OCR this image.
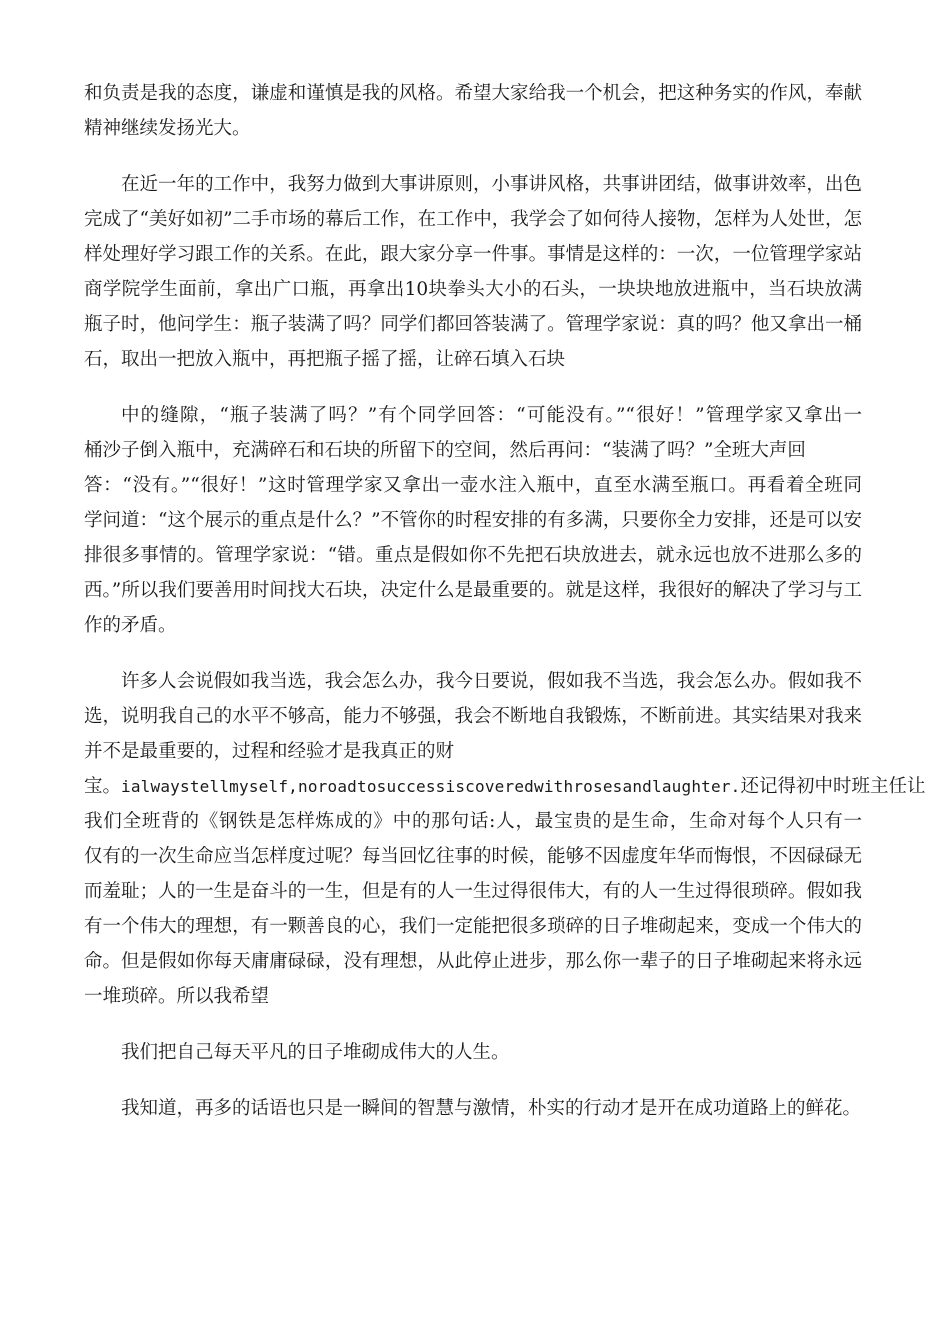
和负责是我的态度，谦虚和谨慎是我的风格。希望大家给我一个机会，把这种务实的作风，奉献
精神继续发扬光大。
在近一年的工作中，我努力做到大事讲原则，小事讲风格，共事讲团结，做事讲效率，出色
完成了“美好如初”二手市场的幕后工作，在工作中，我学会了如何待人接物，怎样为人处世，怎
样处理好学习跟工作的关系。在此，跟大家分享一件事。事情是这样的：一次，一位管理学家站
商学院学生面前，拿出广口瓶，再拿出10块拳头大小的石头，一块块地放进瓶中，当石块放满
瓶子时，他问学生：瓶子装满了吗？同学们都回答装满了。管理学家说：真的吗？他又拿出一桶
石，取出一把放入瓶中，再把瓶子摇了摇，让碎石填入石块
中的缝隙，“瓶子装满了吗？”有个同学回答：“可能没有。”“很好！”管理学家又拿出一
桶沙子倒入瓶中，充满碎石和石块的所留下的空间，然后再问：“装满了吗？”全班大声回
答：“没有。”“很好！”这时管理学家又拿出一壶水注入瓶中，直至水满至瓶口。再看着全班同
学问道：“这个展示的重点是什么？”不管你的时程安排的有多满，只要你全力安排，还是可以安
排很多事情的。管理学家说：“错。重点是假如你不先把石块放进去，就永远也放不进那么多的
西。”所以我们要善用时间找大石块，决定什么是最重要的。就是这样，我很好的解决了学习与工
作的矛盾。
许多人会说假如我当选，我会怎么办，我今日要说，假如我不当选，我会怎么办。假如我不
选，说明我自己的水平不够高，能力不够强，我会不断地自我锻炼，不断前进。其实结果对我来
并不是最重要的，过程和经验才是我真正的财
宝。ialwaystellmyself,noroadtosuccessiscoveredwithrosesandlaughter.还记得初中时班主任让
我们全班背的《钢铁是怎样炼成的》中的那句话:人，最宝贵的是生命，生命对每个人只有一
仅有的一次生命应当怎样度过呢？每当回忆往事的时候，能够不因虚度年华而悔恨，不因碌碌无
而羞耻；人的一生是奋斗的一生，但是有的人一生过得很伟大，有的人一生过得很琐碎。假如我
有一个伟大的理想，有一颗善良的心，我们一定能把很多琐碎的日子堆砌起来，变成一个伟大的
命。但是假如你每天庸庸碌碌，没有理想，从此停止进步，那么你一辈子的日子堆砌起来将永远
一堆琐碎。所以我希望
我们把自己每天平凡的日子堆砌成伟大的人生。
我知道，再多的话语也只是一瞬间的智慧与激情，朴实的行动才是开在成功道路上的鲜花。
